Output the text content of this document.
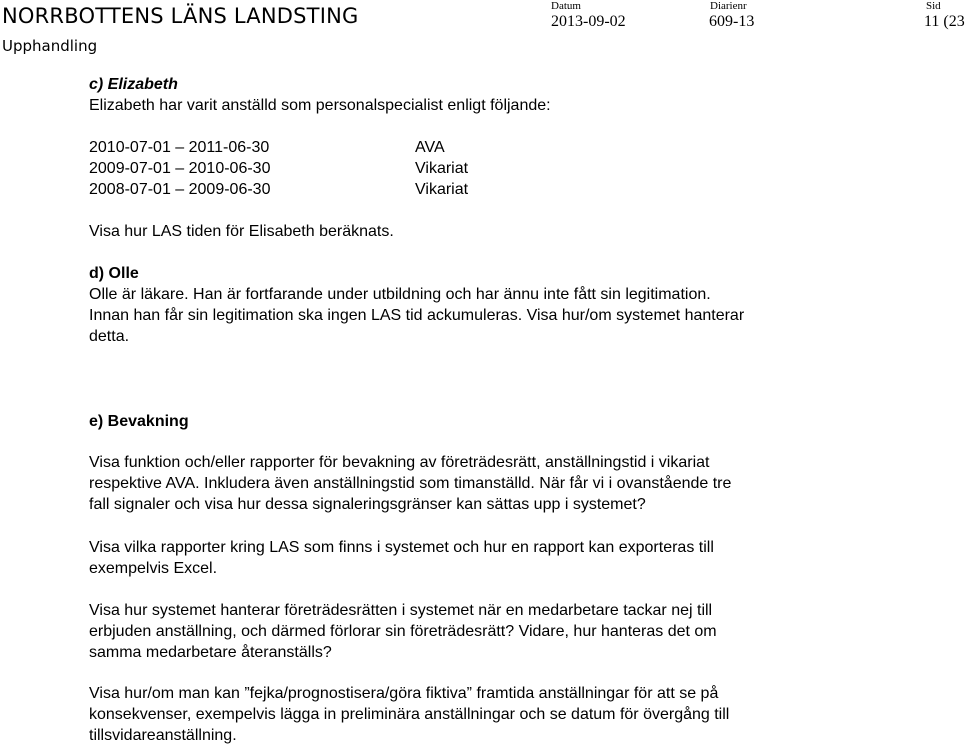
NORRBOTTENS LÄNS LANDSTING
Upphandling
Datum
2013-09-02
Diarienr
609-13
Sid
11 (23
c) Elizabeth
Elizabeth har varit anställd som personalspecialist enligt följande:
2010-07-01 – 2011-06-30	AVA
2009-07-01 – 2010-06-30	Vikariat
2008-07-01 – 2009-06-30	Vikariat
Visa hur LAS tiden för Elisabeth beräknats.
d) Olle
Olle är läkare. Han är fortfarande under utbildning och har ännu inte fått sin legitimation.
Innan han får sin legitimation ska ingen LAS tid ackumuleras. Visa hur/om systemet hanterar
detta.
e) Bevakning
Visa funktion och/eller rapporter för bevakning av företrädesrätt, anställningstid i vikariat
respektive AVA. Inkludera även anställningstid som timanställd. När får vi i ovanstående tre
fall signaler och visa hur dessa signaleringsgränser kan sättas upp i systemet?
Visa vilka rapporter kring LAS som finns i systemet och hur en rapport kan exporteras till
exempelvis Excel.
Visa hur systemet hanterar företrädesrätten i systemet när en medarbetare tackar nej till
erbjuden anställning, och därmed förlorar sin företrädesrätt? Vidare, hur hanteras det om
samma medarbetare återanställs?
Visa hur/om man kan ”fejka/prognostisera/göra fiktiva” framtida anställningar för att se på
konsekvenser, exempelvis lägga in preliminära anställningar och se datum för övergång till
tillsvidareanställning.
